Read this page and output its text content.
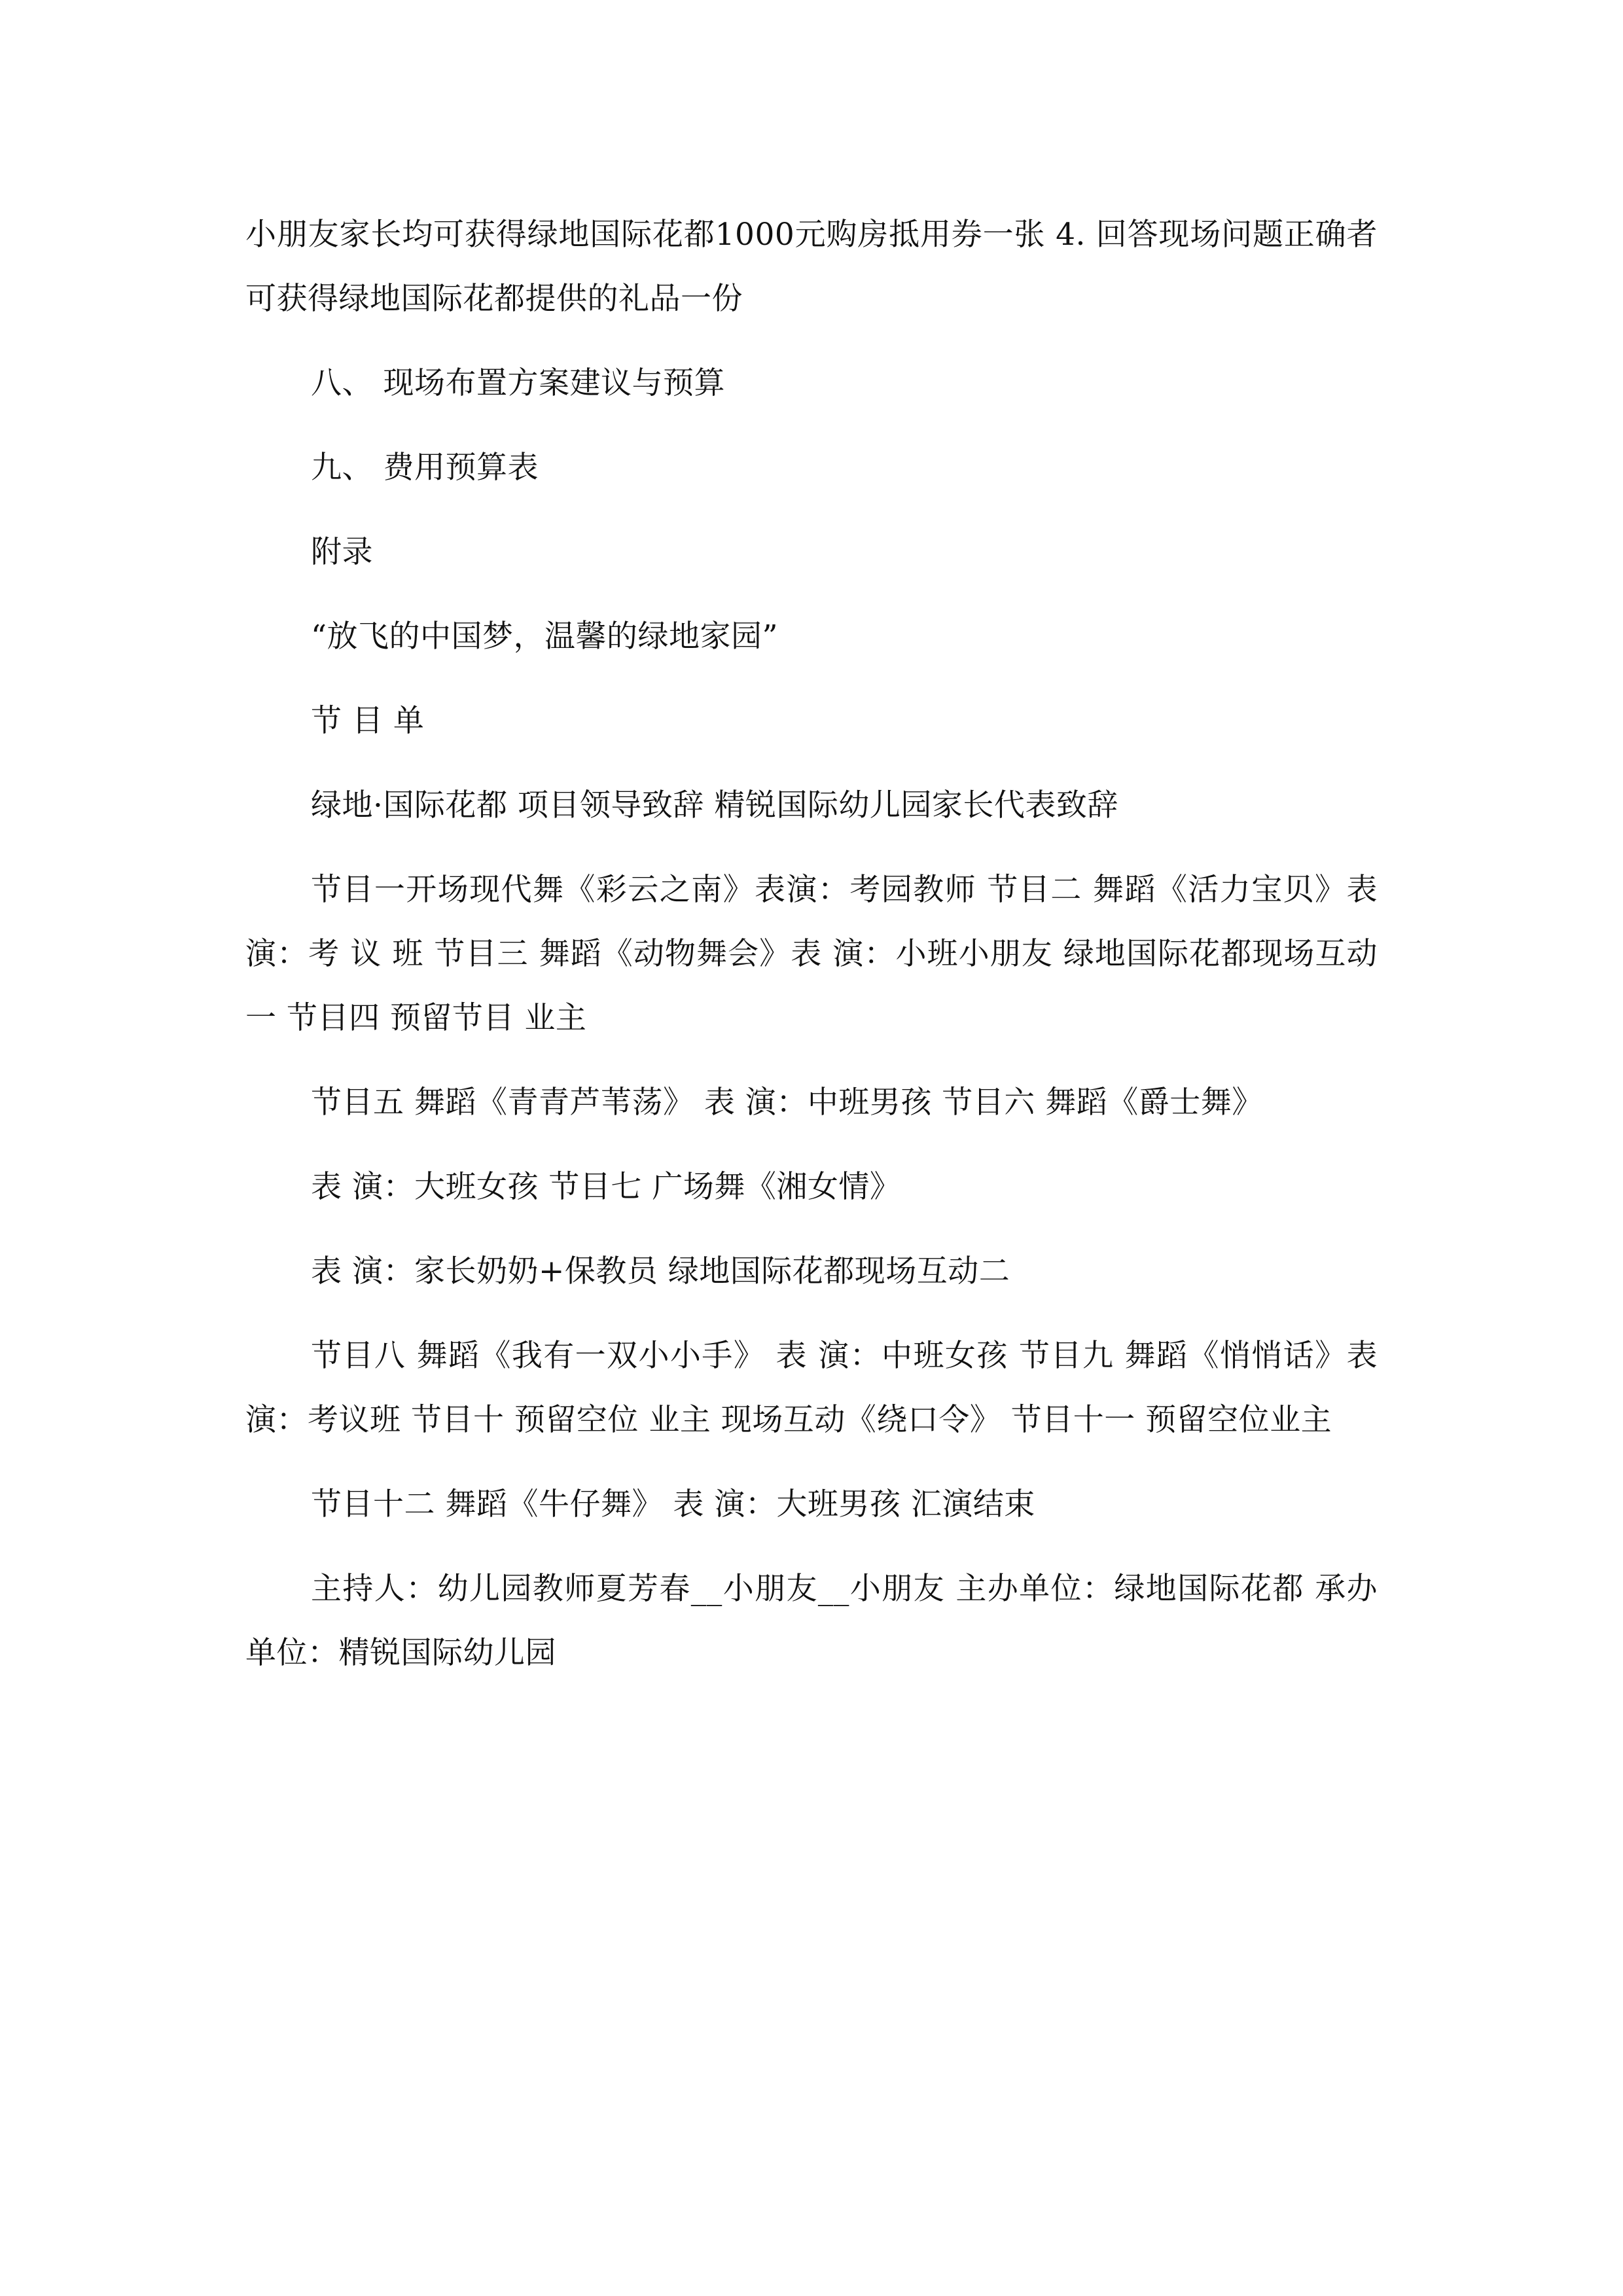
小朋友家长均可获得绿地国际花都1000元购房抵用券一张 4. 回答现场问题正确者可获得绿地国际花都提供的礼品一份

八、 现场布置方案建议与预算

九、 费用预算表

附录

“放飞的中国梦，温馨的绿地家园”

节 目 单

绿地·国际花都 项目领导致辞 精锐国际幼儿园家长代表致辞

节目一开场现代舞《彩云之南》表演：考园教师 节目二 舞蹈《活力宝贝》表 演：考 议 班 节目三 舞蹈《动物舞会》表 演：小班小朋友 绿地国际花都现场互动一 节目四 预留节目 业主

节目五 舞蹈《青青芦苇荡》 表 演：中班男孩 节目六 舞蹈《爵士舞》

表 演：大班女孩 节目七 广场舞《湘女情》

表 演：家长奶奶+保教员 绿地国际花都现场互动二

节目八 舞蹈《我有一双小小手》 表 演：中班女孩 节目九 舞蹈《悄悄话》表 演：考议班 节目十 预留空位 业主 现场互动《绕口令》 节目十一 预留空位业主

节目十二 舞蹈《牛仔舞》 表 演：大班男孩 汇演结束

主持人：幼儿园教师夏芳春__小朋友__小朋友 主办单位：绿地国际花都 承办单位：精锐国际幼儿园
